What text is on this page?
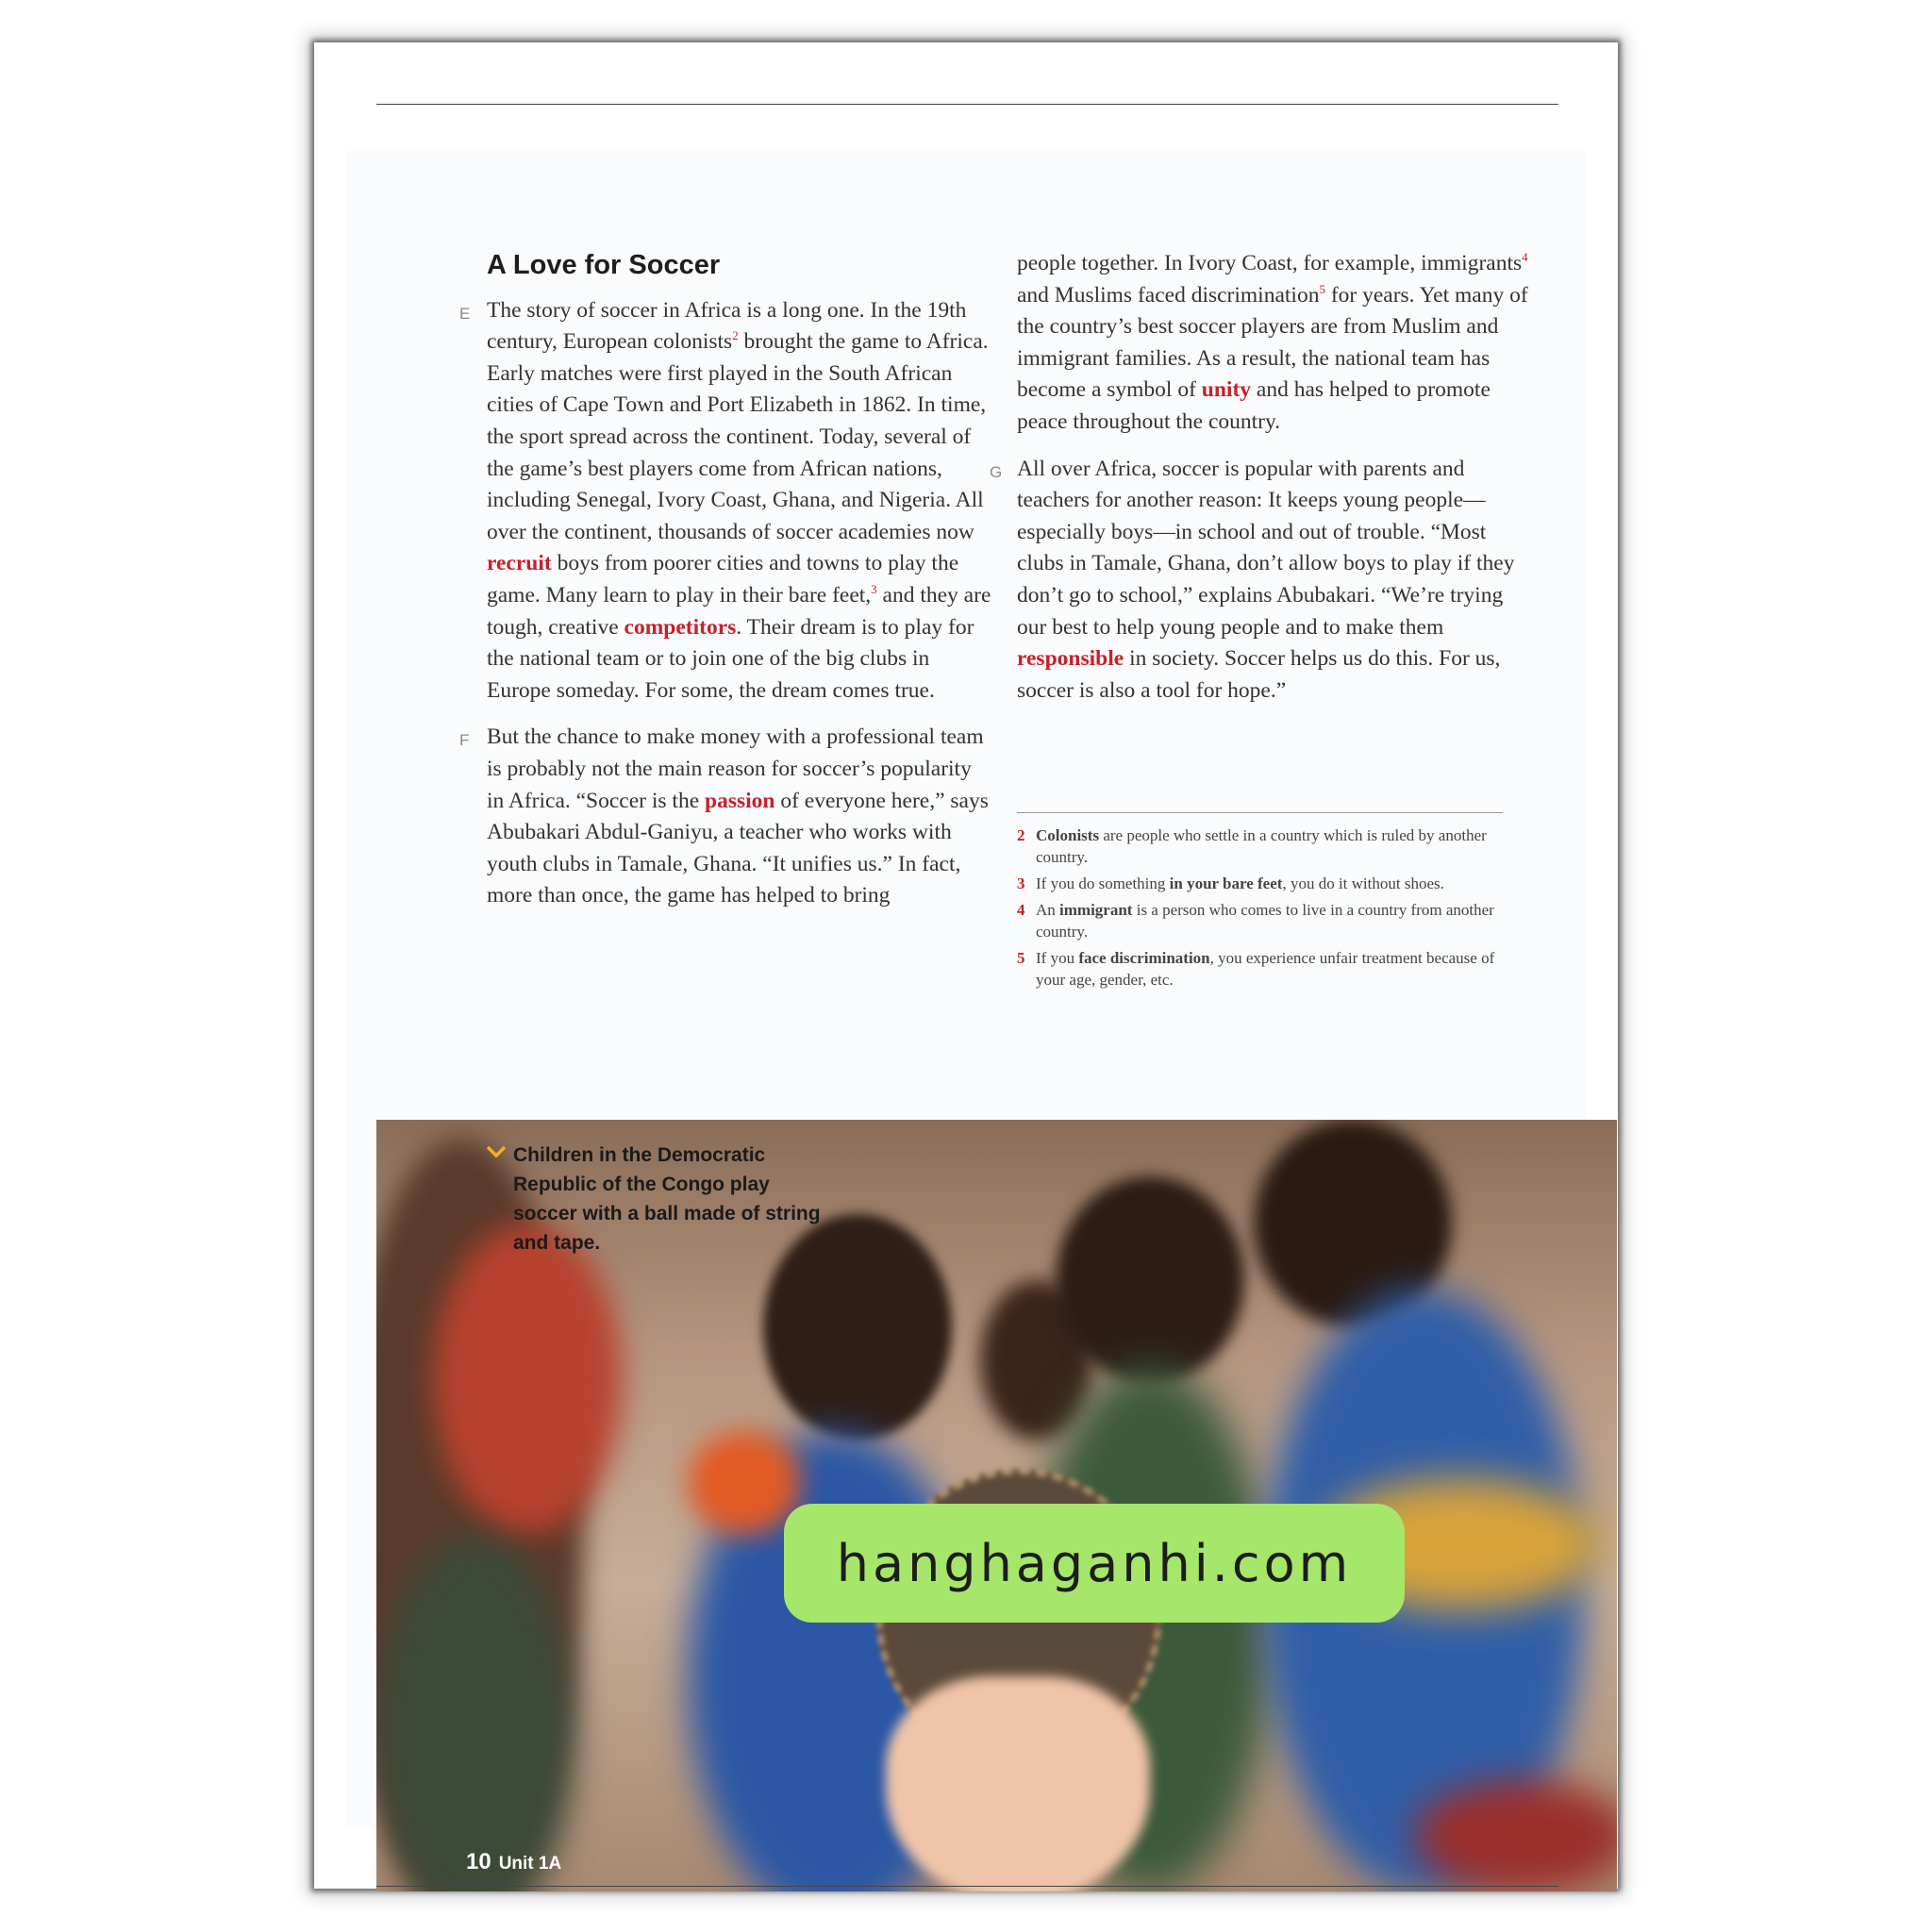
A Love for Soccer

E The story of soccer in Africa is a long one. In the 19th century, European colonists$^2$ brought the game to Africa. Early matches were first played in the South African cities of Cape Town and Port Elizabeth in 1862. In time, the sport spread across the continent. Today, several of the game’s best players come from African nations, including Senegal, Ivory Coast, Ghana, and Nigeria. All over the continent, thousands of soccer academies now recruit boys from poorer cities and towns to play the game. Many learn to play in their bare feet,$^3$ and they are tough, creative competitors. Their dream is to play for the national team or to join one of the big clubs in Europe someday. For some, the dream comes true.

F But the chance to make money with a professional team is probably not the main reason for soccer’s popularity in Africa. “Soccer is the passion of everyone here,” says Abubakari Abdul-Ganiyu, a teacher who works with youth clubs in Tamale, Ghana. “It unifies us.” In fact, more than once, the game has helped to bring

people together. In Ivory Coast, for example, immigrants$^4$ and Muslims faced discrimination$^5$ for years. Yet many of the country’s best soccer players are from Muslim and immigrant families. As a result, the national team has become a symbol of unity and has helped to promote peace throughout the country.

G All over Africa, soccer is popular with parents and teachers for another reason: It keeps young people—especially boys—in school and out of trouble. “Most clubs in Tamale, Ghana, don’t allow boys to play if they don’t go to school,” explains Abubakari. “We’re trying our best to help young people and to make them responsible in society. Soccer helps us do this. For us, soccer is also a tool for hope.”

2 Colonists are people who settle in a country which is ruled by another country.
3 If you do something in your bare feet, you do it without shoes.
4 An immigrant is a person who comes to live in a country from another country.
5 If you face discrimination, you experience unfair treatment because of your age, gender, etc.
Children in the Democratic Republic of the Congo play soccer with a ball made of string and tape.
10 Unit 1A
hanghaganhi.com
